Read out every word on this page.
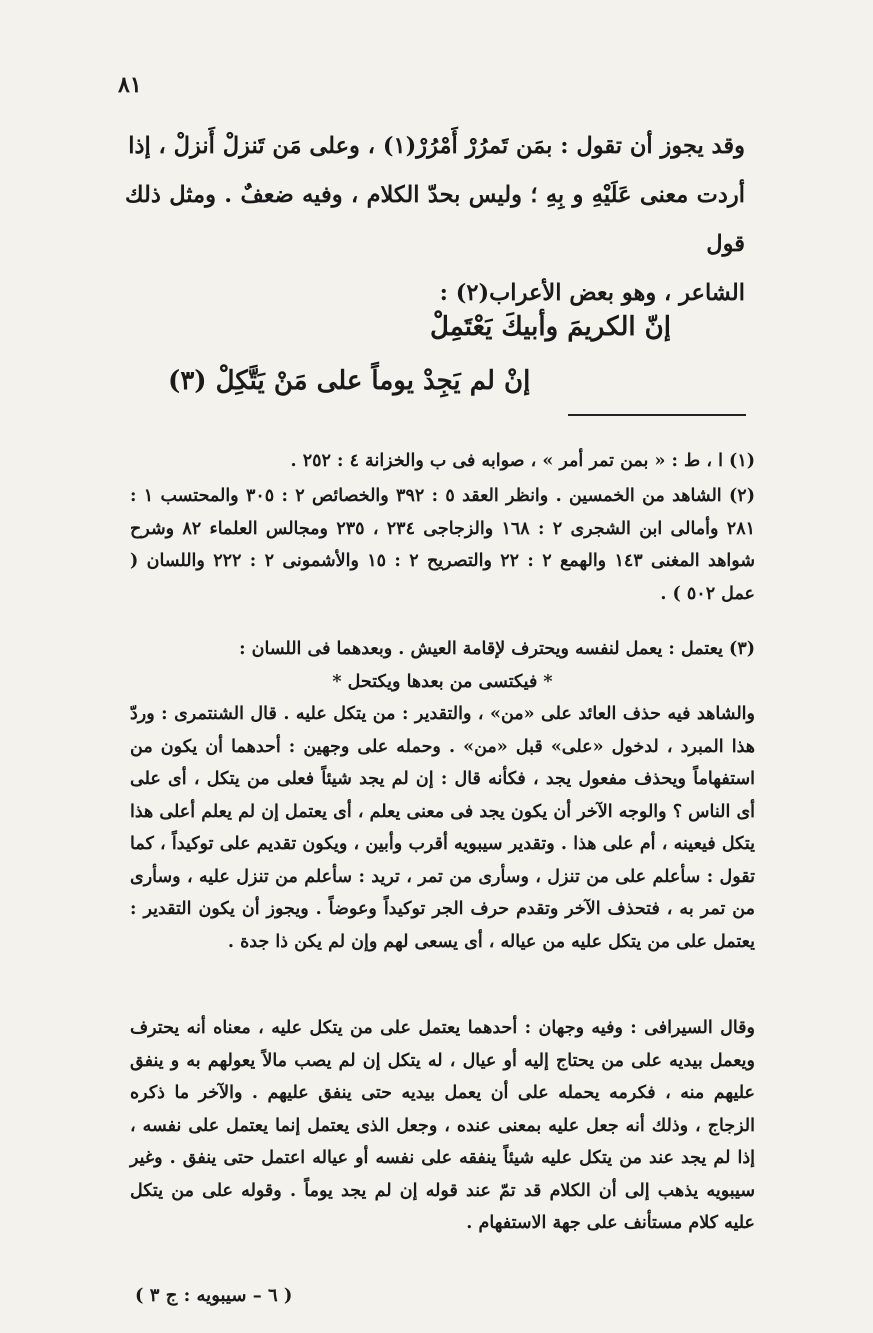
٨١

وقد يجوز أن تقول : بمَن تَمرُرْ أَمْرُرْ(١) ، وعلى مَن تَنزلْ أَنزلْ ، إذا

أردت معنى عَلَيْهِ و بِهِ ؛ وليس بحدّ الكلام ، وفيه ضعفٌ . ومثل ذلك قول

الشاعر ، وهو بعض الأعراب(٢) :

إنّ الكريمَ وأبيكَ يَعْتَمِلْ
إنْ لم يَجِدْ يوماً على مَنْ يَتَّكِلْ (٣)

(١) ا ، ط : « بمن تمر أمر » ، صوابه فى ب والخزانة ٤ : ٢٥٢ .

(٢) الشاهد من الخمسين . وانظر العقد ٥ : ٣٩٢ والخصائص ٢ : ٣٠٥ والمحتسب ١ : ٢٨١ وأمالى ابن الشجرى ٢ : ١٦٨ والزجاجى ٢٣٤ ، ٢٣٥ ومجالس العلماء ٨٢ وشرح شواهد المغنى ١٤٣ والهمع ٢ : ٢٢ والتصريح ٢ : ١٥ والأشمونى ٢ : ٢٢٢ واللسان ( عمل ٥٠٢ ) .

(٣) يعتمل : يعمل لنفسه ويحترف لإقامة العيش . وبعدهما فى اللسان :

* فيكتسى من بعدها ويكتحل *

والشاهد فيه حذف العائد على «من» ، والتقدير : من يتكل عليه . قال الشنتمرى : وردّ هذا المبرد ، لدخول «على» قبل «من» . وحمله على وجهين : أحدهما أن يكون من استفهاماً ويحذف مفعول يجد ، فكأنه قال : إن لم يجد شيئاً فعلى من يتكل ، أى على أى الناس ؟ والوجه الآخر أن يكون يجد فى معنى يعلم ، أى يعتمل إن لم يعلم أعلى هذا يتكل فيعينه ، أم على هذا . وتقدير سيبويه أقرب وأبين ، ويكون تقديم على توكيداً ، كما تقول : سأعلم على من تنزل ، وسأرى من تمر ، تريد : سأعلم من تنزل عليه ، وسأرى من تمر به ، فتحذف الآخر وتقدم حرف الجر توكيداً وعوضاً . ويجوز أن يكون التقدير : يعتمل على من يتكل عليه من عياله ، أى يسعى لهم وإن لم يكن ذا جدة .

وقال السيرافى : وفيه وجهان : أحدهما يعتمل على من يتكل عليه ، معناه أنه يحترف ويعمل بيديه على من يحتاج إليه أو عيال ، له يتكل إن لم يصب مالاً يعولهم به و ينفق عليهم منه ، فكرمه يحمله على أن يعمل بيديه حتى ينفق عليهم . والآخر ما ذكره الزجاج ، وذلك أنه جعل عليه بمعنى عنده ، وجعل الذى يعتمل إنما يعتمل على نفسه ، إذا لم يجد عند من يتكل عليه شيئاً ينفقه على نفسه أو عياله اعتمل حتى ينفق . وغير سيبويه يذهب إلى أن الكلام قد تمّ عند قوله إن لم يجد يوماً . وقوله على من يتكل عليه كلام مستأنف على جهة الاستفهام .

( ٦ – سيبويه : ج ٣ )
